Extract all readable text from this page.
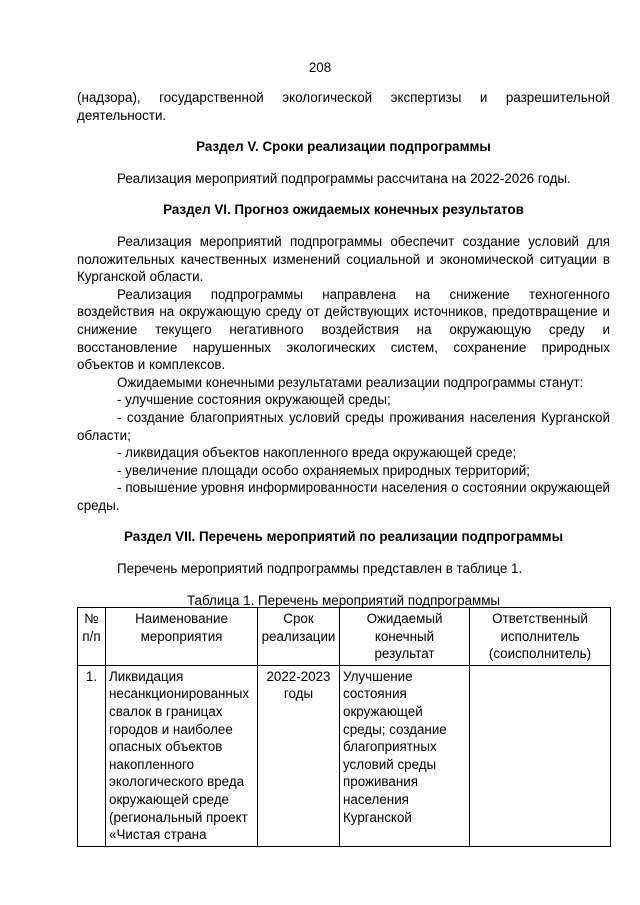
208

(надзора), государственной экологической экспертизы и разрешительной деятельности.

Раздел V. Сроки реализации подпрограммы

Реализация мероприятий подпрограммы рассчитана на 2022-2026 годы.

Раздел VI. Прогноз ожидаемых конечных результатов

Реализация мероприятий подпрограммы обеспечит создание условий для положительных качественных изменений социальной и экономической ситуации в Курганской области.

Реализация подпрограммы направлена на снижение техногенного воздействия на окружающую среду от действующих источников, предотвращение и снижение текущего негативного воздействия на окружающую среду и восстановление нарушенных экологических систем, сохранение природных объектов и комплексов.

Ожидаемыми конечными результатами реализации подпрограммы станут:

- улучшение состояния окружающей среды;

- создание благоприятных условий среды проживания населения Курганской области;

- ликвидация объектов накопленного вреда окружающей среде;

- увеличение площади особо охраняемых природных территорий;

- повышение уровня информированности населения о состоянии окружающей среды.

Раздел VII. Перечень мероприятий по реализации подпрограммы

Перечень мероприятий подпрограммы представлен в таблице 1.

Таблица 1. Перечень мероприятий подпрограммы

№ п/п	Наименование мероприятия	Срок реализации	Ожидаемый конечный результат	Ответственный исполнитель (соисполнитель)
1.	Ликвидация несанкционированных свалок в границах городов и наиболее опасных объектов накопленного экологического вреда окружающей среде (региональный проект «Чистая страна	2022-2023 годы	Улучшение состояния окружающей среды; создание благоприятных условий среды проживания населения Курганской	
